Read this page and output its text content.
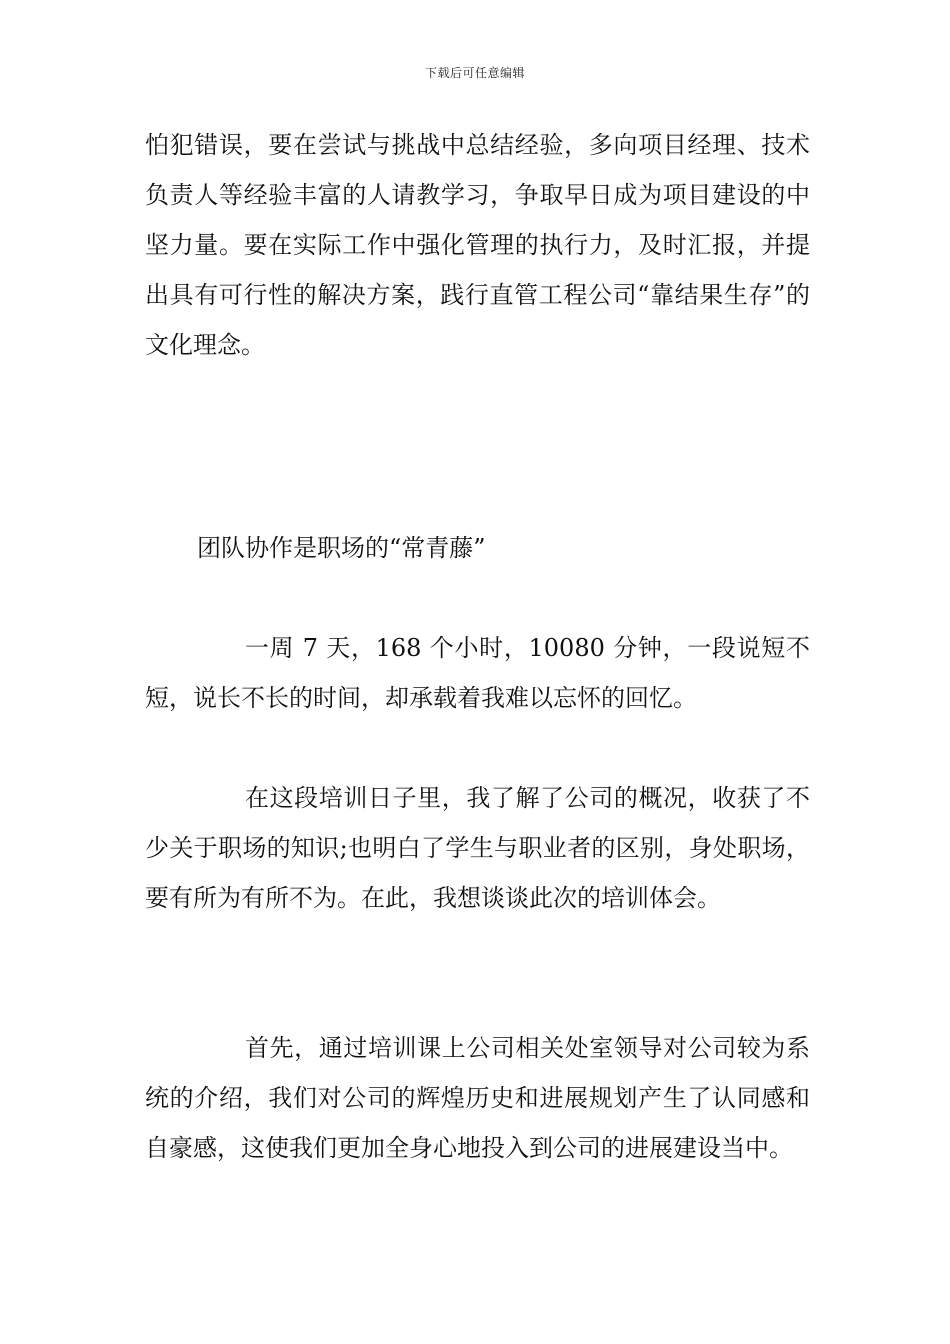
下载后可任意编辑
怕犯错误，要在尝试与挑战中总结经验，多向项目经理、技术负责人等经验丰富的人请教学习，争取早日成为项目建设的中坚力量。要在实际工作中强化管理的执行力，及时汇报，并提出具有可行性的解决方案，践行直管工程公司“靠结果生存”的文化理念。
团队协作是职场的“常青藤”
一周 7 天，168 个小时，10080 分钟，一段说短不短，说长不长的时间，却承载着我难以忘怀的回忆。
在这段培训日子里，我了解了公司的概况，收获了不少关于职场的知识;也明白了学生与职业者的区别，身处职场，要有所为有所不为。在此，我想谈谈此次的培训体会。
首先，通过培训课上公司相关处室领导对公司较为系统的介绍，我们对公司的辉煌历史和进展规划产生了认同感和自豪感，这使我们更加全身心地投入到公司的进展建设当中。
